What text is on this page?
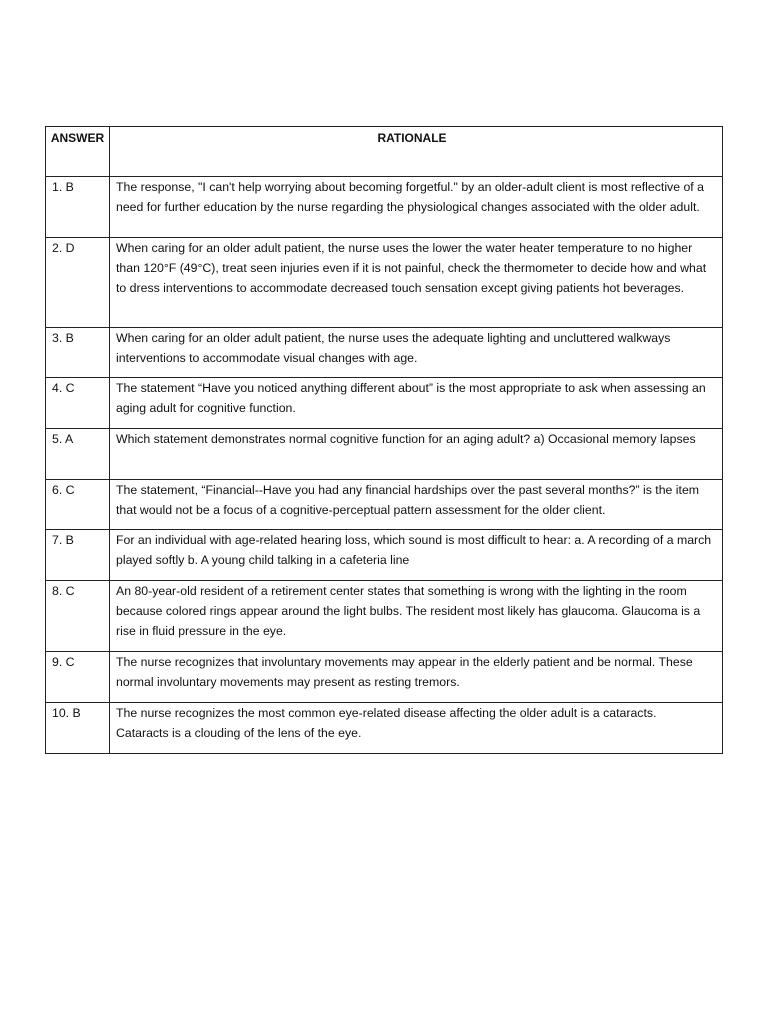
ANSWER	RATIONALE

1. B	The response, "I can't help worrying about becoming forgetful." by an older-adult client is most reflective of a need for further education by the nurse regarding the physiological changes associated with the older adult.
2. D	When caring for an older adult patient, the nurse uses the lower the water heater temperature to no higher than 120°F (49°C), treat seen injuries even if it is not painful, check the thermometer to decide how and what to dress interventions to accommodate decreased touch sensation except giving patients hot beverages.
3. B	When caring for an older adult patient, the nurse uses the adequate lighting and uncluttered walkways interventions to accommodate visual changes with age.
4. C	The statement “Have you noticed anything different about” is the most appropriate to ask when assessing an aging adult for cognitive function.
5. A	Which statement demonstrates normal cognitive function for an aging adult? a) Occasional memory lapses
6. C	The statement, “Financial--Have you had any financial hardships over the past several months?” is the item that would not be a focus of a cognitive-perceptual pattern assessment for the older client.
7. B	For an individual with age-related hearing loss, which sound is most difficult to hear: a. A recording of a march played softly b. A young child talking in a cafeteria line
8. C	An 80-year-old resident of a retirement center states that something is wrong with the lighting in the room because colored rings appear around the light bulbs. The resident most likely has glaucoma. Glaucoma is a rise in fluid pressure in the eye.
9. C	The nurse recognizes that involuntary movements may appear in the elderly patient and be normal. These normal involuntary movements may present as resting tremors.
10. B	The nurse recognizes the most common eye-related disease affecting the older adult is a cataracts. Cataracts is a clouding of the lens of the eye.
